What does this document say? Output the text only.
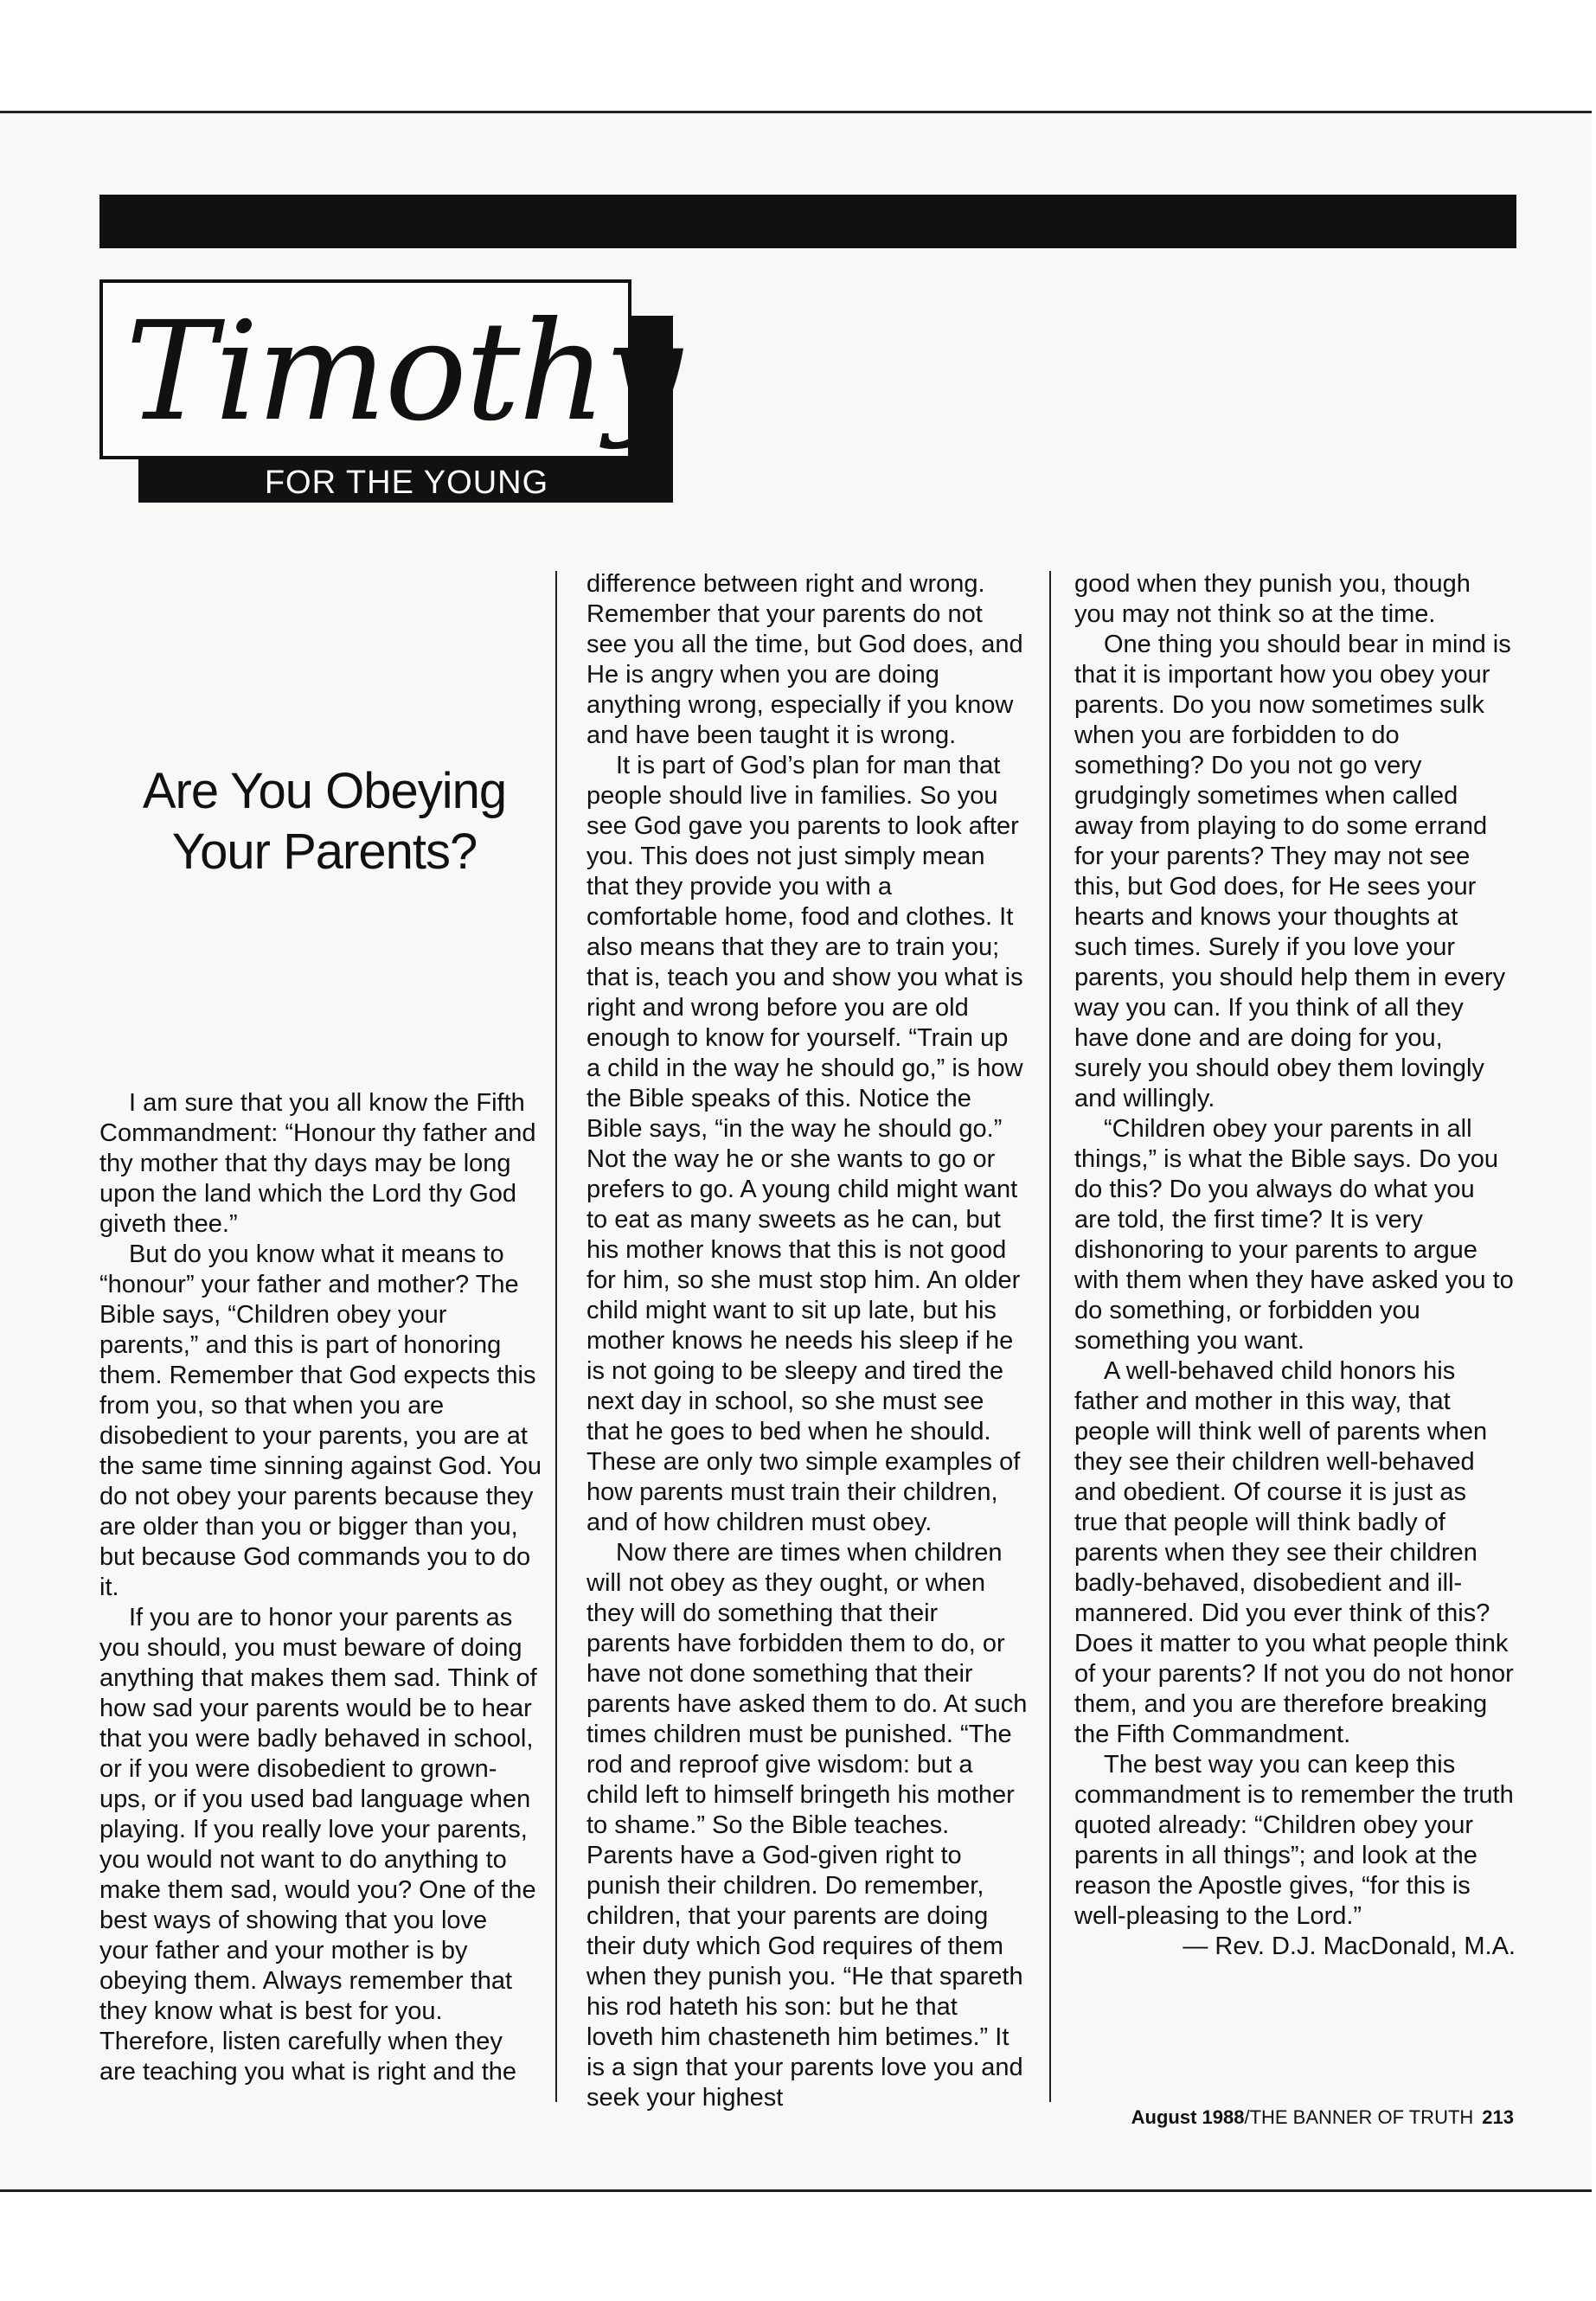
Timothy
FOR THE YOUNG
Are You Obeying
Your Parents?

I am sure that you all know the Fifth Commandment: “Honour thy father and thy mother that thy days may be long upon the land which the Lord thy God giveth thee.”

But do you know what it means to “honour” your father and mother? The Bible says, “Children obey your parents,” and this is part of honoring them. Remember that God expects this from you, so that when you are disobedient to your parents, you are at the same time sinning against God. You do not obey your parents because they are older than you or bigger than you, but because God commands you to do it.

If you are to honor your parents as you should, you must beware of doing anything that makes them sad. Think of how sad your parents would be to hear that you were badly behaved in school, or if you were disobedient to grown-ups, or if you used bad language when playing. If you really love your parents, you would not want to do anything to make them sad, would you? One of the best ways of showing that you love your father and your mother is by obeying them. Always remember that they know what is best for you. Therefore, listen carefully when they are teaching you what is right and the

difference between right and wrong. Remember that your parents do not see you all the time, but God does, and He is angry when you are doing anything wrong, especially if you know and have been taught it is wrong.

It is part of God’s plan for man that people should live in families. So you see God gave you parents to look after you. This does not just simply mean that they provide you with a comfortable home, food and clothes. It also means that they are to train you; that is, teach you and show you what is right and wrong before you are old enough to know for yourself. “Train up a child in the way he should go,” is how the Bible speaks of this. Notice the Bible says, “in the way he should go.” Not the way he or she wants to go or prefers to go. A young child might want to eat as many sweets as he can, but his mother knows that this is not good for him, so she must stop him. An older child might want to sit up late, but his mother knows he needs his sleep if he is not going to be sleepy and tired the next day in school, so she must see that he goes to bed when he should. These are only two simple examples of how parents must train their children, and of how children must obey.

Now there are times when children will not obey as they ought, or when they will do something that their parents have forbidden them to do, or have not done something that their parents have asked them to do. At such times children must be punished. “The rod and reproof give wisdom: but a child left to himself bringeth his mother to shame.” So the Bible teaches. Parents have a God-given right to punish their children. Do remember, children, that your parents are doing their duty which God requires of them when they punish you. “He that spareth his rod hateth his son: but he that loveth him chasteneth him betimes.” It is a sign that your parents love you and seek your highest

good when they punish you, though you may not think so at the time.

One thing you should bear in mind is that it is important how you obey your parents. Do you now sometimes sulk when you are forbidden to do something? Do you not go very grudgingly sometimes when called away from playing to do some errand for your parents? They may not see this, but God does, for He sees your hearts and knows your thoughts at such times. Surely if you love your parents, you should help them in every way you can. If you think of all they have done and are doing for you, surely you should obey them lovingly and willingly.

“Children obey your parents in all things,” is what the Bible says. Do you do this? Do you always do what you are told, the first time? It is very dishonoring to your parents to argue with them when they have asked you to do something, or forbidden you something you want.

A well-behaved child honors his father and mother in this way, that people will think well of parents when they see their children well-behaved and obedient. Of course it is just as true that people will think badly of parents when they see their children badly-behaved, disobedient and ill-mannered. Did you ever think of this? Does it matter to you what people think of your parents? If not you do not honor them, and you are therefore breaking the Fifth Commandment.

The best way you can keep this commandment is to remember the truth quoted already: “Children obey your parents in all things”; and look at the reason the Apostle gives, “for this is well-pleasing to the Lord.”

— Rev. D.J. MacDonald, M.A.

August 1988/THE BANNER OF TRUTH 213
